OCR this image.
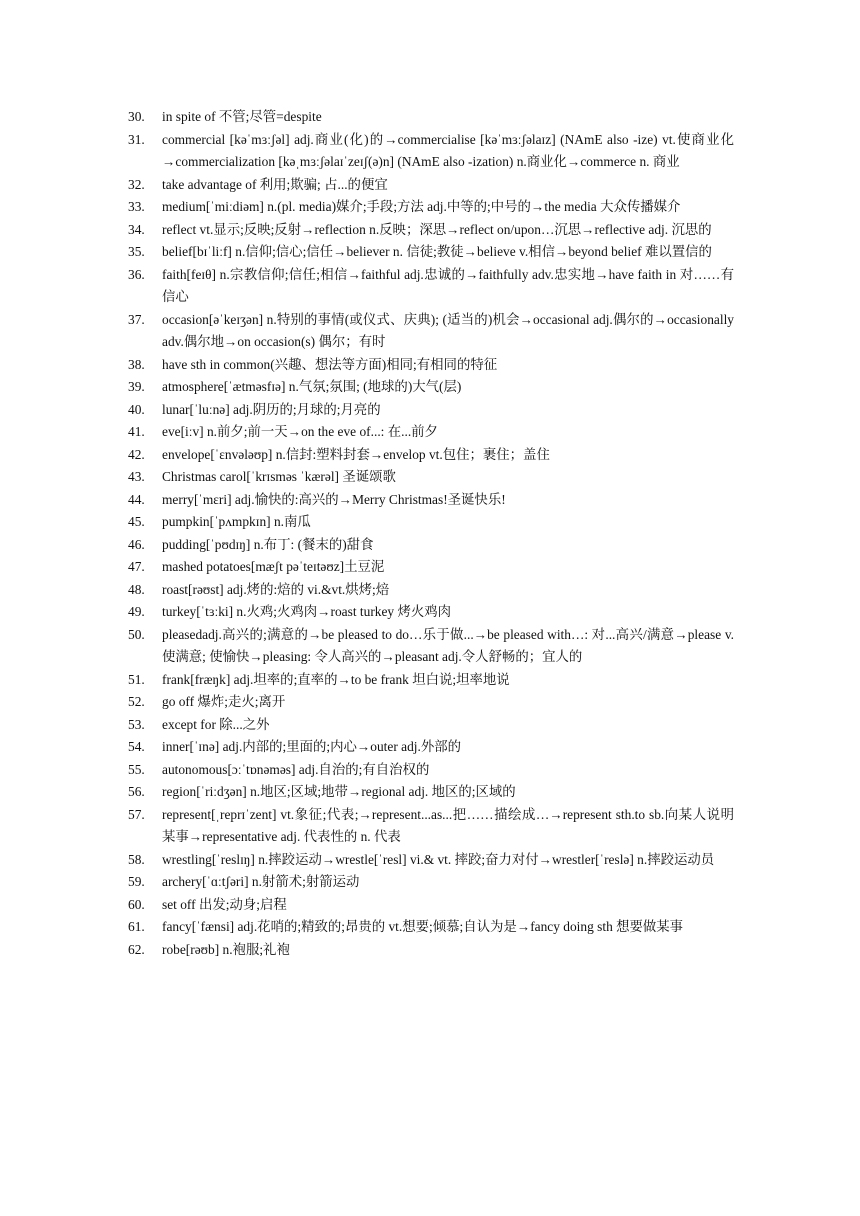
30.	in spite of 不管;尽管=despite
31.	commercial [kəˈmɜːʃəl] adj.商业(化)的→commercialise [kəˈmɜːʃəlaɪz] (NAmE also -ize) vt.使商业化→commercialization [kəˌmɜːʃəlaɪˈzeɪʃ(ə)n] (NAmE also -ization) n.商业化→commerce n. 商业
32.	take advantage of 利用;欺骗; 占...的便宜
33.	medium[ˈmiːdiəm] n.(pl. media)媒介;手段;方法 adj.中等的;中号的→the media 大众传播媒介
34.	reflect vt.显示;反映;反射→reflection n.反映；深思→reflect on/upon…沉思→reflective adj. 沉思的
35.	belief[bɪˈliːf] n.信仰;信心;信任→believer n. 信徒;教徒→believe v.相信→beyond belief 难以置信的
36.	faith[feɪθ] n.宗教信仰;信任;相信→faithful adj.忠诚的→faithfully adv.忠实地→have faith in 对……有信心
37.	occasion[əˈkeɪʒən] n.特别的事情(或仪式、庆典); (适当的)机会→occasional adj.偶尔的→occasionally adv.偶尔地→on occasion(s) 偶尔；有时
38.	have sth in common(兴趣、想法等方面)相同;有相同的特征
39.	atmosphere[ˈætməsfɪə] n.气氛;氛围; (地球的)大气(层)
40.	lunar[ˈluːnə] adj.阴历的;月球的;月亮的
41.	eve[iːv] n.前夕;前一天→on the eve of...: 在...前夕
42.	envelope[ˈɛnvələʊp] n.信封:塑料封套→envelop vt.包住；裹住；盖住
43.	Christmas carol[ˈkrɪsməs ˈkærəl] 圣诞颂歌
44.	merry[ˈmɛri] adj.愉快的:高兴的→Merry Christmas!圣诞快乐!
45.	pumpkin[ˈpʌmpkɪn] n.南瓜
46.	pudding[ˈpʊdɪŋ] n.布丁: (餐末的)甜食
47.	mashed potatoes[mæʃt pəˈteɪtəʊz]土豆泥
48.	roast[rəʊst] adj.烤的:焙的 vi.&vt.烘烤;焙
49.	turkey[ˈtɜːki] n.火鸡;火鸡肉→roast turkey 烤火鸡肉
50.	pleasedadj.高兴的;满意的→be pleased to do…乐于做...→be pleased with…: 对...高兴/满意→please v.使满意; 使愉快→pleasing: 令人高兴的→pleasant adj.令人舒畅的；宜人的
51.	frank[fræŋk] adj.坦率的;直率的→to be frank 坦白说;坦率地说
52.	go off 爆炸;走火;离开
53.	except for 除...之外
54.	inner[ˈɪnə] adj.内部的;里面的;内心→outer adj.外部的
55.	autonomous[ɔːˈtɒnəməs] adj.自治的;有自治权的
56.	region[ˈriːdʒən] n.地区;区域;地带→regional adj. 地区的;区域的
57.	represent[ˌreprɪˈzent] vt.象征;代表;→represent...as...把……描绘成…→represent sth.to sb.向某人说明某事→representative adj. 代表性的 n. 代表
58.	wrestling[ˈreslɪŋ] n.摔跤运动→wrestle[ˈresl] vi.& vt. 摔跤;奋力对付→wrestler[ˈreslə] n.摔跤运动员
59.	archery[ˈɑːtʃəri] n.射箭术;射箭运动
60.	set off 出发;动身;启程
61.	fancy[ˈfænsi] adj.花哨的;精致的;昂贵的 vt.想要;倾慕;自认为是→fancy doing sth 想要做某事
62.	robe[rəʊb] n.袍服;礼袍
